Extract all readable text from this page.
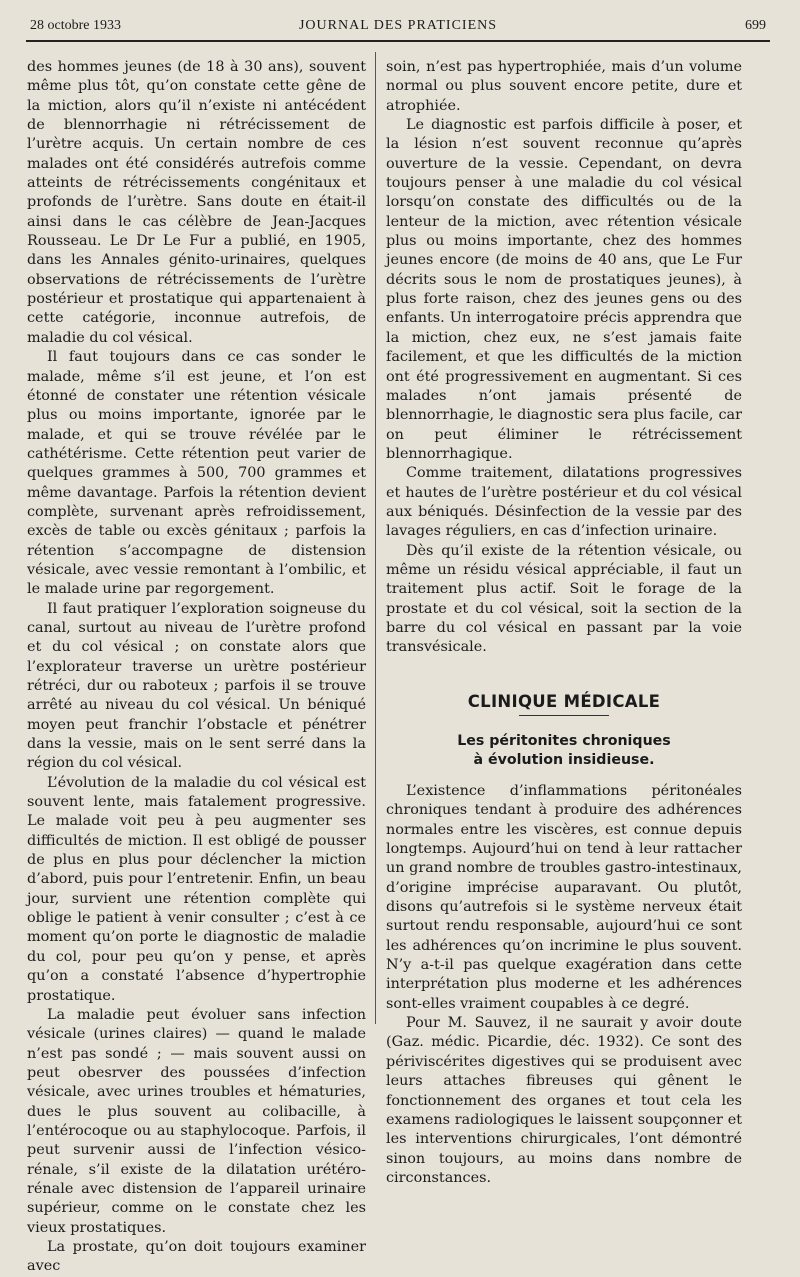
28 octobre 1933	JOURNAL DES PRATICIENS	699

des hommes jeunes (de 18 à 30 ans), souvent même plus tôt, qu’on constate cette gêne de la miction, alors qu’il n’existe ni antécédent de blennorrhagie ni rétrécissement de l’urètre acquis. Un certain nombre de ces malades ont été considérés autrefois comme atteints de rétrécissements congénitaux et profonds de l’urètre. Sans doute en était-il ainsi dans le cas célèbre de Jean-Jacques Rousseau. Le Dr Le Fur a publié, en 1905, dans les Annales génito-urinaires, quelques observations de rétrécissements de l’urètre postérieur et prostatique qui appartenaient à cette catégorie, inconnue autrefois, de maladie du col vésical.

Il faut toujours dans ce cas sonder le malade, même s’il est jeune, et l’on est étonné de constater une rétention vésicale plus ou moins importante, ignorée par le malade, et qui se trouve révélée par le cathétérisme. Cette rétention peut varier de quelques grammes à 500, 700 grammes et même davantage. Parfois la rétention devient complète, survenant après refroidissement, excès de table ou excès génitaux ; parfois la rétention s’accompagne de distension vésicale, avec vessie remontant à l’ombilic, et le malade urine par regorgement.

Il faut pratiquer l’exploration soigneuse du canal, surtout au niveau de l’urètre profond et du col vésical ; on constate alors que l’explorateur traverse un urètre postérieur rétréci, dur ou raboteux ; parfois il se trouve arrêté au niveau du col vésical. Un béniqué moyen peut franchir l’obstacle et pénétrer dans la vessie, mais on le sent serré dans la région du col vésical.

L’évolution de la maladie du col vésical est souvent lente, mais fatalement progressive. Le malade voit peu à peu augmenter ses difficultés de miction. Il est obligé de pousser de plus en plus pour déclencher la miction d’abord, puis pour l’entretenir. Enfin, un beau jour, survient une rétention complète qui oblige le patient à venir consulter ; c’est à ce moment qu’on porte le diagnostic de maladie du col, pour peu qu’on y pense, et après qu’on a constaté l’absence d’hypertrophie prostatique.

La maladie peut évoluer sans infection vésicale (urines claires) — quand le malade n’est pas sondé ; — mais souvent aussi on peut obesrver des poussées d’infection vésicale, avec urines troubles et hématuries, dues le plus souvent au colibacille, à l’entérocoque ou au staphylocoque. Parfois, il peut survenir aussi de l’infection vésico-rénale, s’il existe de la dilatation urétéro-rénale avec distension de l’appareil urinaire supérieur, comme on le constate chez les vieux prostatiques.

La prostate, qu’on doit toujours examiner avec

soin, n’est pas hypertrophiée, mais d’un volume normal ou plus souvent encore petite, dure et atrophiée.

Le diagnostic est parfois difficile à poser, et la lésion n’est souvent reconnue qu’après ouverture de la vessie. Cependant, on devra toujours penser à une maladie du col vésical lorsqu’on constate des difficultés ou de la lenteur de la miction, avec rétention vésicale plus ou moins importante, chez des hommes jeunes encore (de moins de 40 ans, que Le Fur décrits sous le nom de prostatiques jeunes), à plus forte raison, chez des jeunes gens ou des enfants. Un interrogatoire précis apprendra que la miction, chez eux, ne s’est jamais faite facilement, et que les difficultés de la miction ont été progressivement en augmentant. Si ces malades n’ont jamais présenté de blennorrhagie, le diagnostic sera plus facile, car on peut éliminer le rétrécissement blennorrhagique.

Comme traitement, dilatations progressives et hautes de l’urètre postérieur et du col vésical aux béniqués. Désinfection de la vessie par des lavages réguliers, en cas d’infection urinaire.

Dès qu’il existe de la rétention vésicale, ou même un résidu vésical appréciable, il faut un traitement plus actif. Soit le forage de la prostate et du col vésical, soit la section de la barre du col vésical en passant par la voie transvésicale.

CLINIQUE MÉDICALE
Les péritonites chroniques
à évolution insidieuse.

L’existence d’inflammations péritonéales chroniques tendant à produire des adhérences normales entre les viscères, est connue depuis longtemps. Aujourd’hui on tend à leur rattacher un grand nombre de troubles gastro-intestinaux, d’origine imprécise auparavant. Ou plutôt, disons qu’autrefois si le système nerveux était surtout rendu responsable, aujourd’hui ce sont les adhérences qu’on incrimine le plus souvent. N’y a-t-il pas quelque exagération dans cette interprétation plus moderne et les adhérences sont-elles vraiment coupables à ce degré.

Pour M. Sauvez, il ne saurait y avoir doute (Gaz. médic. Picardie, déc. 1932). Ce sont des périviscérites digestives qui se produisent avec leurs attaches fibreuses qui gênent le fonctionnement des organes et tout cela les examens radiologiques le laissent soupçonner et les interventions chirurgicales, l’ont démontré sinon toujours, au moins dans nombre de circonstances.
